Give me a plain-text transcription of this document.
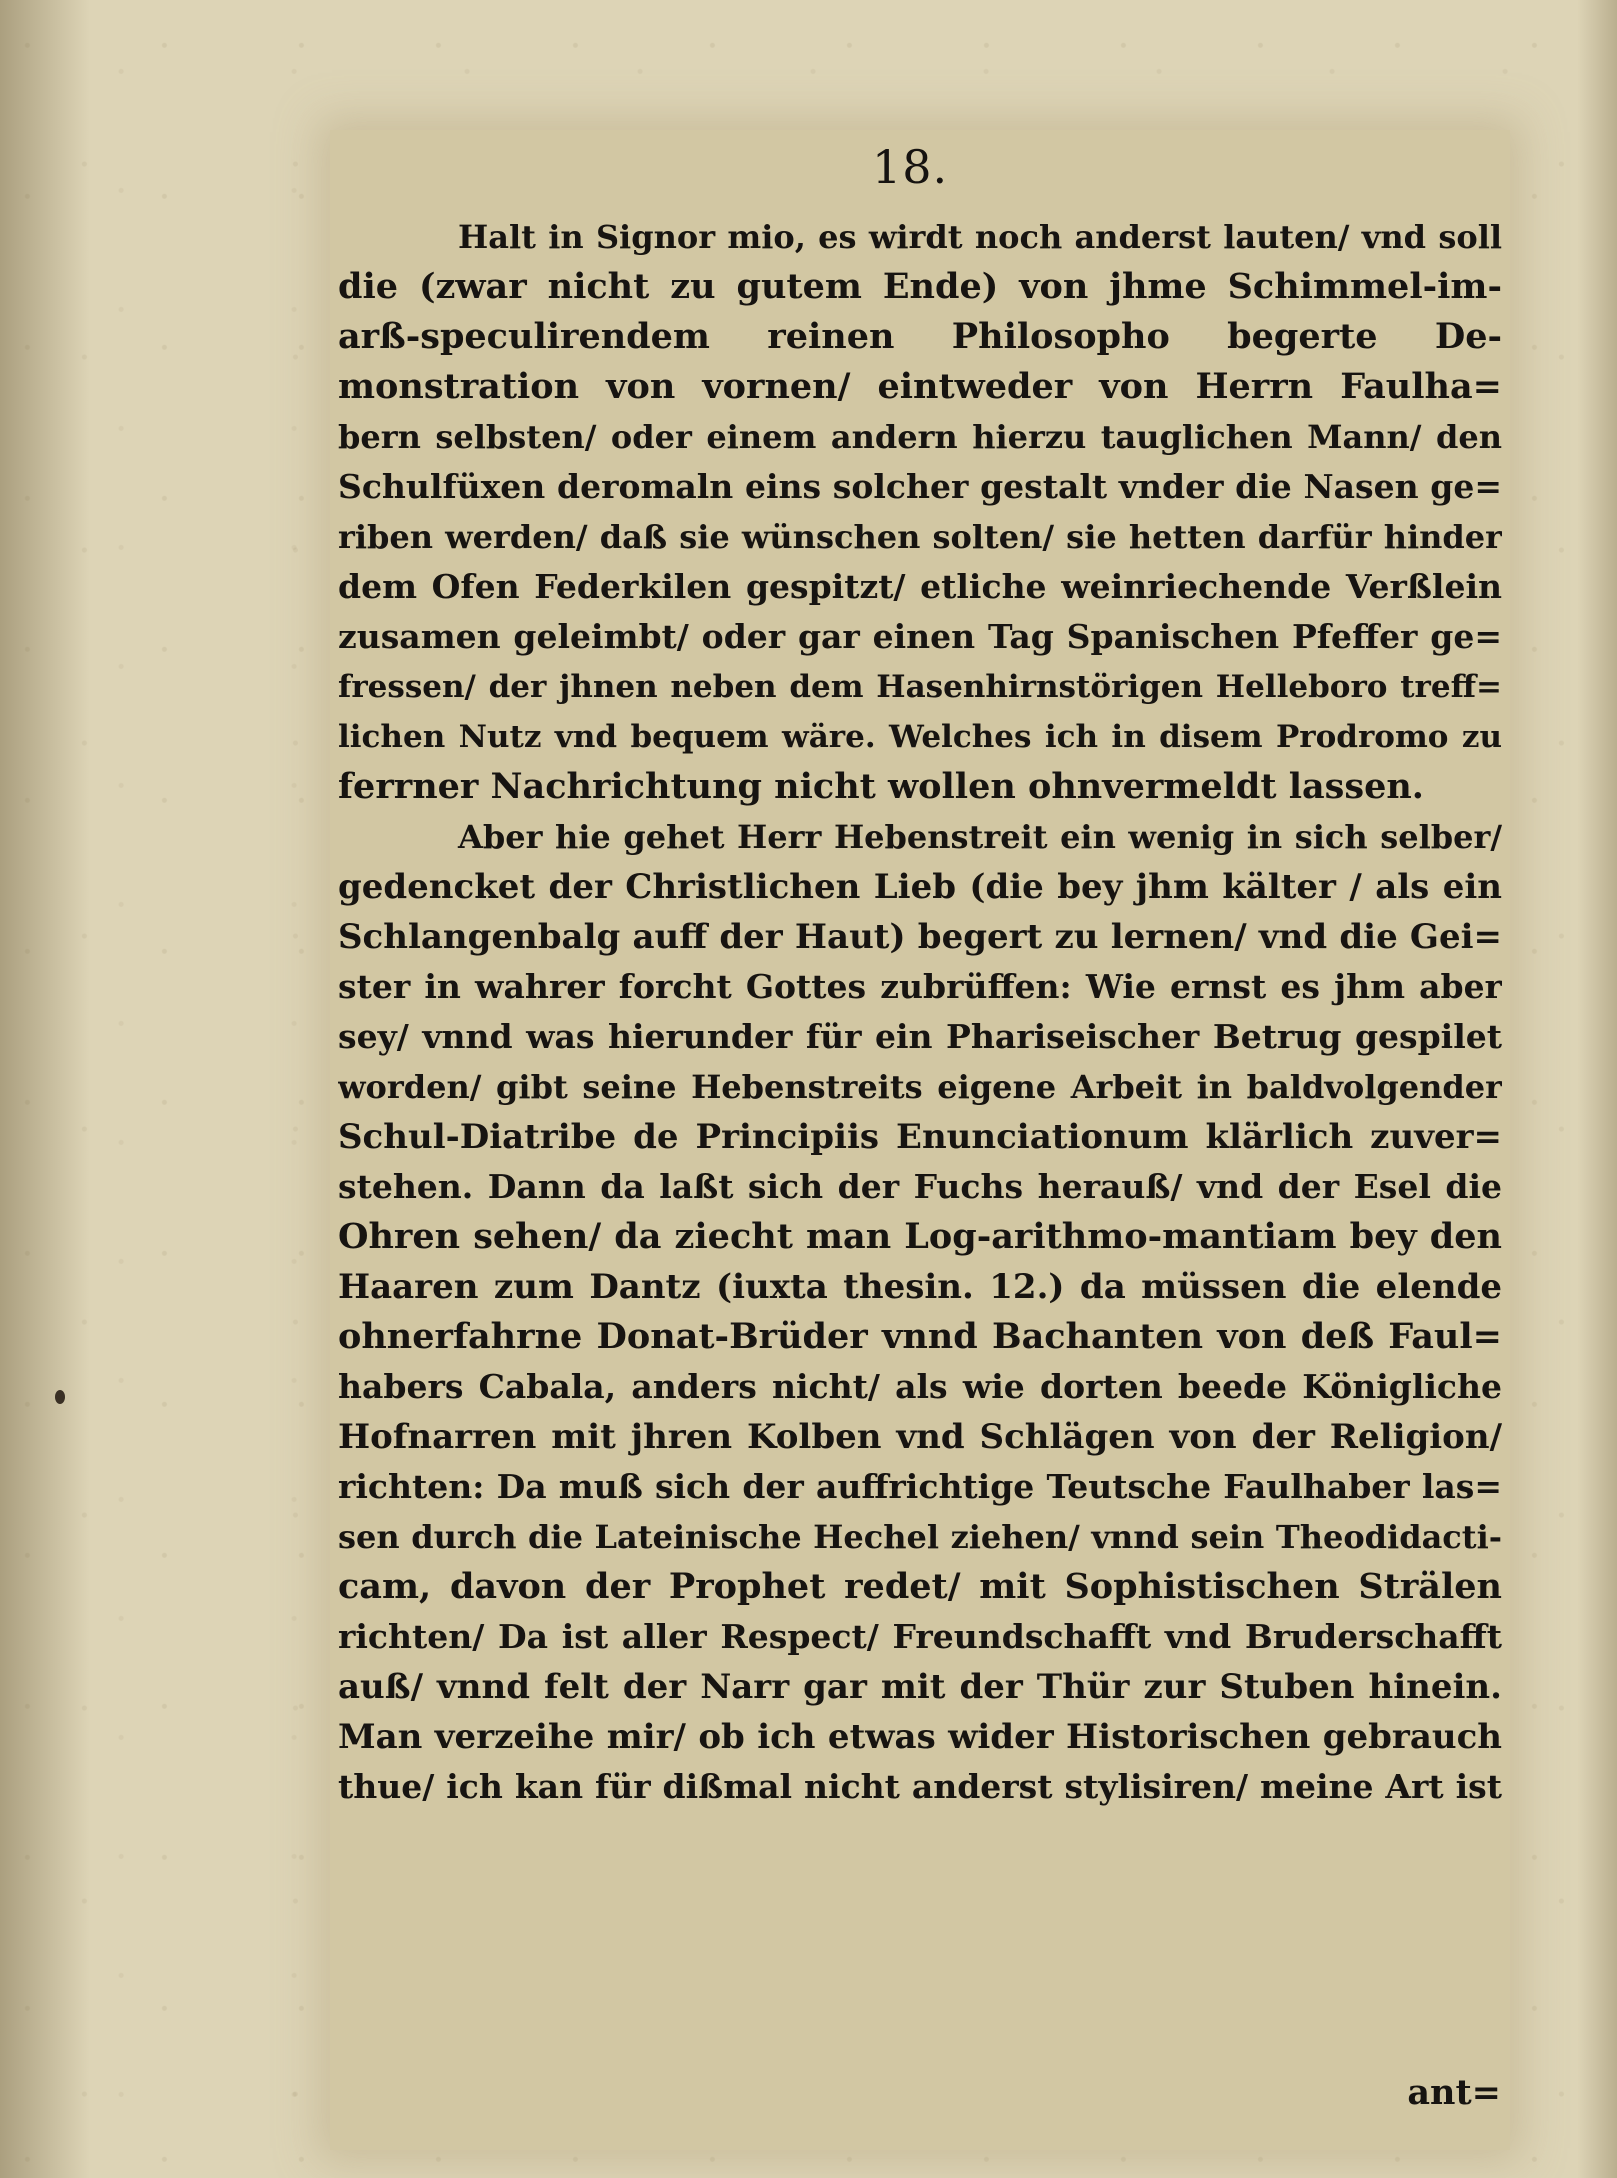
18.
Halt in Signor mio, es wirdt noch anderst lauten/ vnd soll
die (zwar nicht zu gutem Ende) von jhme Schimmel-im-
arß-speculirendem reinen Philosopho begerte De-
monstration von vornen/ eintweder von Herrn Faulha=
bern selbsten/ oder einem andern hierzu tauglichen Mann/ den
Schulfüxen deromaln eins solcher gestalt vnder die Nasen ge=
riben werden/ daß sie wünschen solten/ sie hetten darfür hinder
dem Ofen Federkilen gespitzt/ etliche weinriechende Verßlein
zusamen geleimbt/ oder gar einen Tag Spanischen Pfeffer ge=
fressen/ der jhnen neben dem Hasenhirnstörigen Helleboro treff=
lichen Nutz vnd bequem wäre. Welches ich in disem Prodromo zu
ferrner Nachrichtung nicht wollen ohnvermeldt lassen.
Aber hie gehet Herr Hebenstreit ein wenig in sich selber/
gedencket der Christlichen Lieb (die bey jhm kälter / als ein
Schlangenbalg auff der Haut) begert zu lernen/ vnd die Gei=
ster in wahrer forcht Gottes zubrüffen: Wie ernst es jhm aber
sey/ vnnd was hierunder für ein Phariseischer Betrug gespilet
worden/ gibt seine Hebenstreits eigene Arbeit in baldvolgender
Schul-Diatribe de Principiis Enunciationum klärlich zuver=
stehen. Dann da laßt sich der Fuchs herauß/ vnd der Esel die
Ohren sehen/ da ziecht man Log-arithmo-mantiam bey den
Haaren zum Dantz (iuxta thesin. 12.) da müssen die elende
ohnerfahrne Donat-Brüder vnnd Bachanten von deß Faul=
habers Cabala, anders nicht/ als wie dorten beede Königliche
Hofnarren mit jhren Kolben vnd Schlägen von der Religion/
richten: Da muß sich der auffrichtige Teutsche Faulhaber las=
sen durch die Lateinische Hechel ziehen/ vnnd sein Theodidacti-
cam, davon der Prophet redet/ mit Sophistischen Strälen
richten/ Da ist aller Respect/ Freundschafft vnd Bruderschafft
auß/ vnnd felt der Narr gar mit der Thür zur Stuben hinein.
Man verzeihe mir/ ob ich etwas wider Historischen gebrauch
thue/ ich kan für dißmal nicht anderst stylisiren/ meine Art ist
ant=
